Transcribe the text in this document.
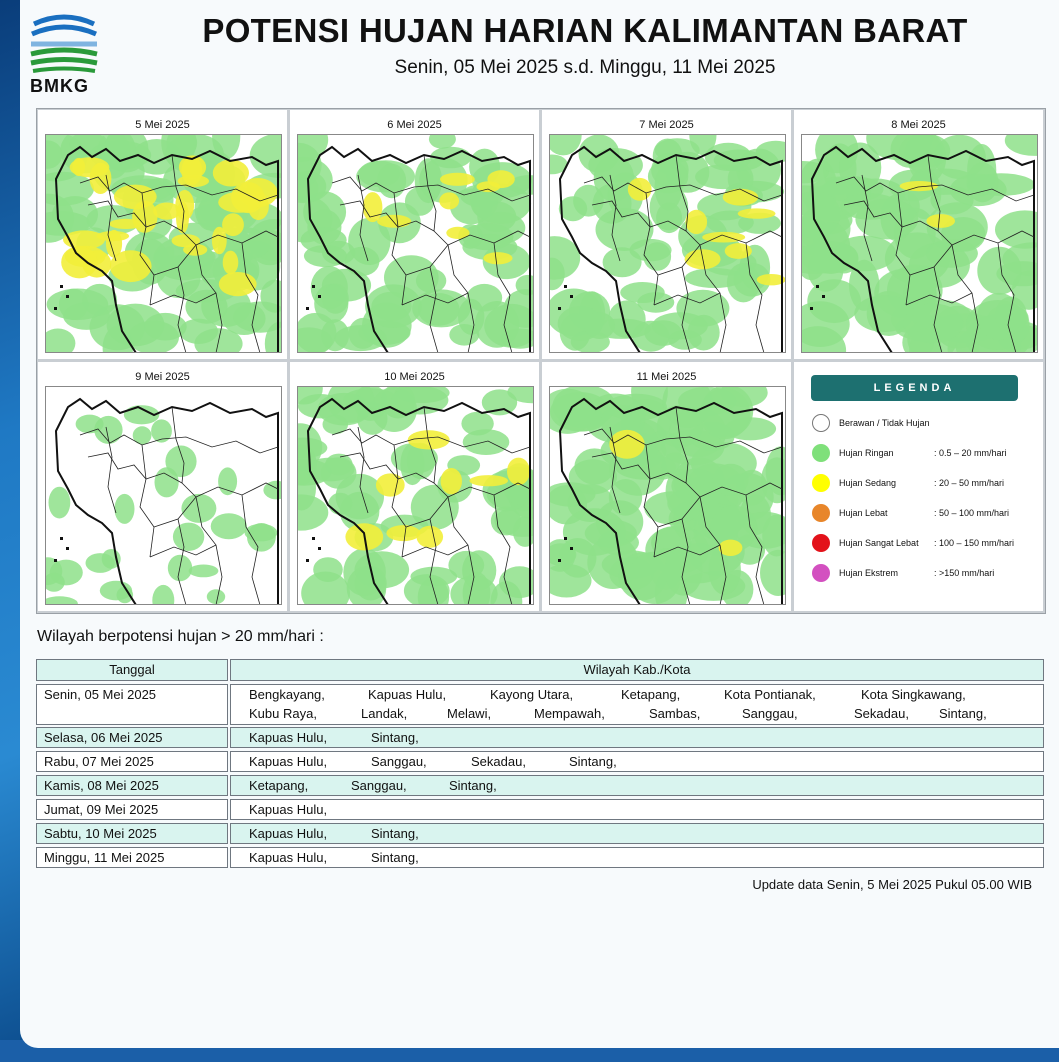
BMKG
POTENSI HUJAN HARIAN KALIMANTAN BARAT
Senin, 05 Mei 2025 s.d. Minggu, 11 Mei 2025
5 Mei 2025	6 Mei 2025	7 Mei 2025	8 Mei 2025
9 Mei 2025	10 Mei 2025	11 Mei 2025
LEGENDA
Berawan / Tidak Hujan
Hujan Ringan	: 0.5 – 20 mm/hari
Hujan Sedang	: 20 – 50 mm/hari
Hujan Lebat	: 50 – 100 mm/hari
Hujan Sangat Lebat : 100 – 150 mm/hari
Hujan Ekstrem	: >150 mm/hari
Wilayah berpotensi hujan > 20 mm/hari :
Tanggal	Wilayah Kab./Kota
Senin, 05 Mei 2025	Bengkayang,	Kapuas Hulu,	Kayong Utara,	Ketapang,	Kota Pontianak,	Kota Singkawang,
Kubu Raya,	Landak,	Melawi,	Mempawah,	Sambas,	Sanggau,	Sekadau, Sintang,
Selasa, 06 Mei 2025	Kapuas Hulu,	Sintang,
Rabu, 07 Mei 2025	Kapuas Hulu,	Sanggau,	Sekadau,	Sintang,
Kamis, 08 Mei 2025	Ketapang,	Sanggau,	Sintang,
Jumat, 09 Mei 2025	Kapuas Hulu,
Sabtu, 10 Mei 2025	Kapuas Hulu,	Sintang,
Minggu, 11 Mei 2025	Kapuas Hulu,	Sintang,
Update data Senin, 5 Mei 2025 Pukul 05.00 WIB
